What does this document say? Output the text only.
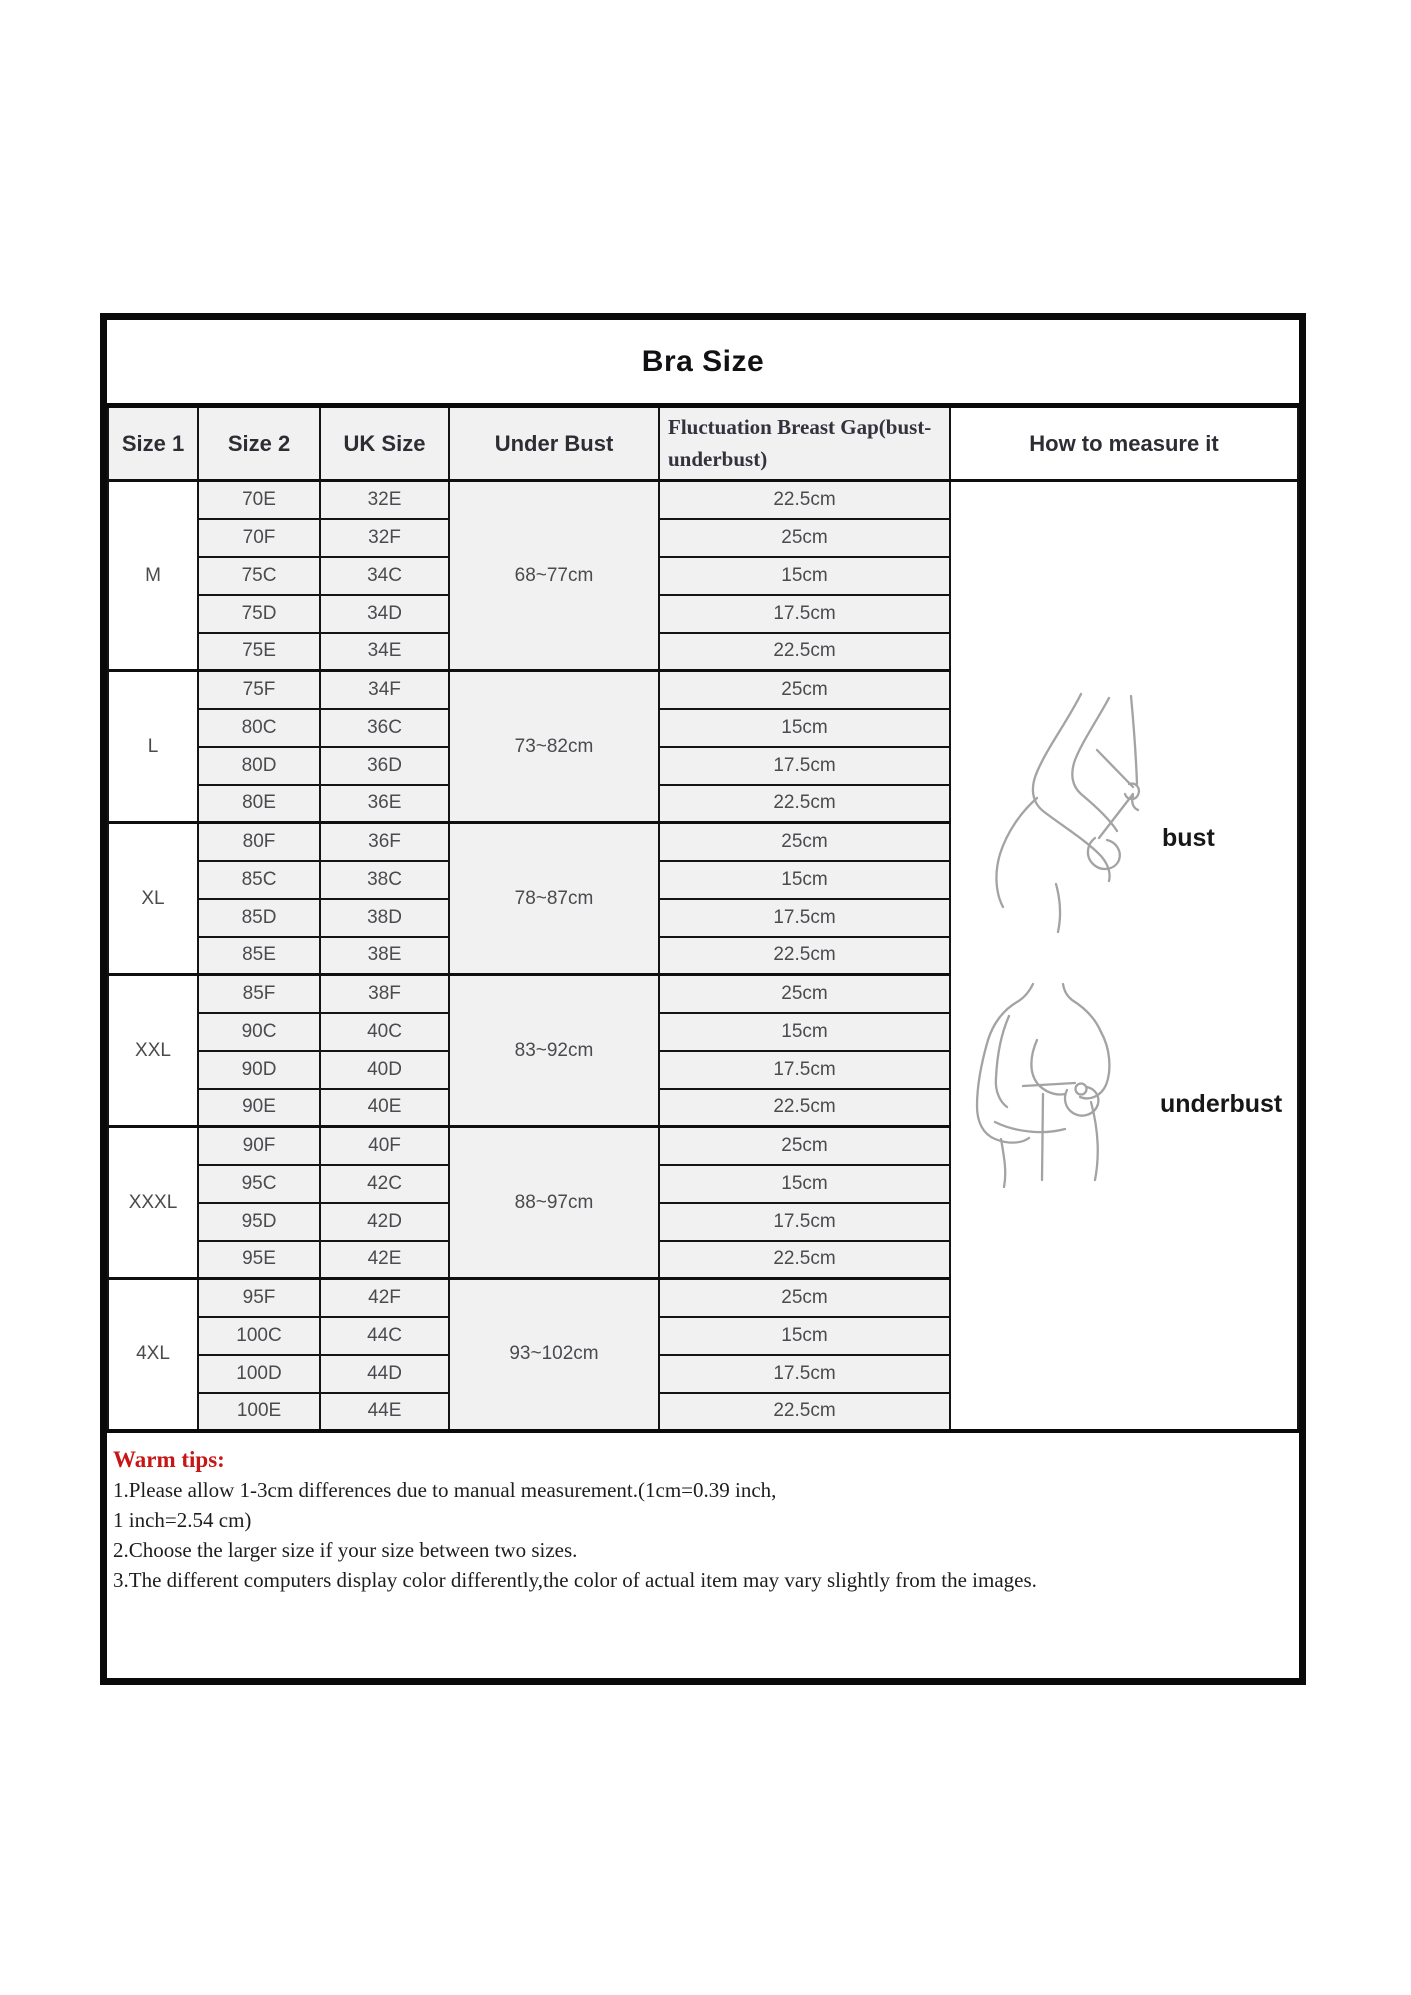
Bra Size
Size 1	Size 2	UK Size	Under Bust	Fluctuation Breast Gap(bust-underbust)	How to measure it
M	70E	32E	68~77cm	22.5cm	bust
underbust

	70F	32F		25cm	
	75C	34C		15cm	
	75D	34D		17.5cm	
	75E	34E		22.5cm	
L	75F	34F	73~82cm	25cm	
	80C	36C		15cm	
	80D	36D		17.5cm	
	80E	36E		22.5cm	
XL	80F	36F	78~87cm	25cm	
	85C	38C		15cm	
	85D	38D		17.5cm	
	85E	38E		22.5cm	
XXL	85F	38F	83~92cm	25cm	
	90C	40C		15cm	
	90D	40D		17.5cm	
	90E	40E		22.5cm	
XXXL	90F	40F	88~97cm	25cm	
	95C	42C		15cm	
	95D	42D		17.5cm	
	95E	42E		22.5cm	
4XL	95F	42F	93~102cm	25cm	
	100C	44C		15cm	
	100D	44D		17.5cm	
	100E	44E		22.5cm	
Warm tips:
1.Please allow 1-3cm differences due to manual measurement.(1cm=0.39 inch,
1 inch=2.54 cm)
2.Choose the larger size if your size between two sizes.
3.The different computers display color differently,the color of actual item may vary slightly from the images.
